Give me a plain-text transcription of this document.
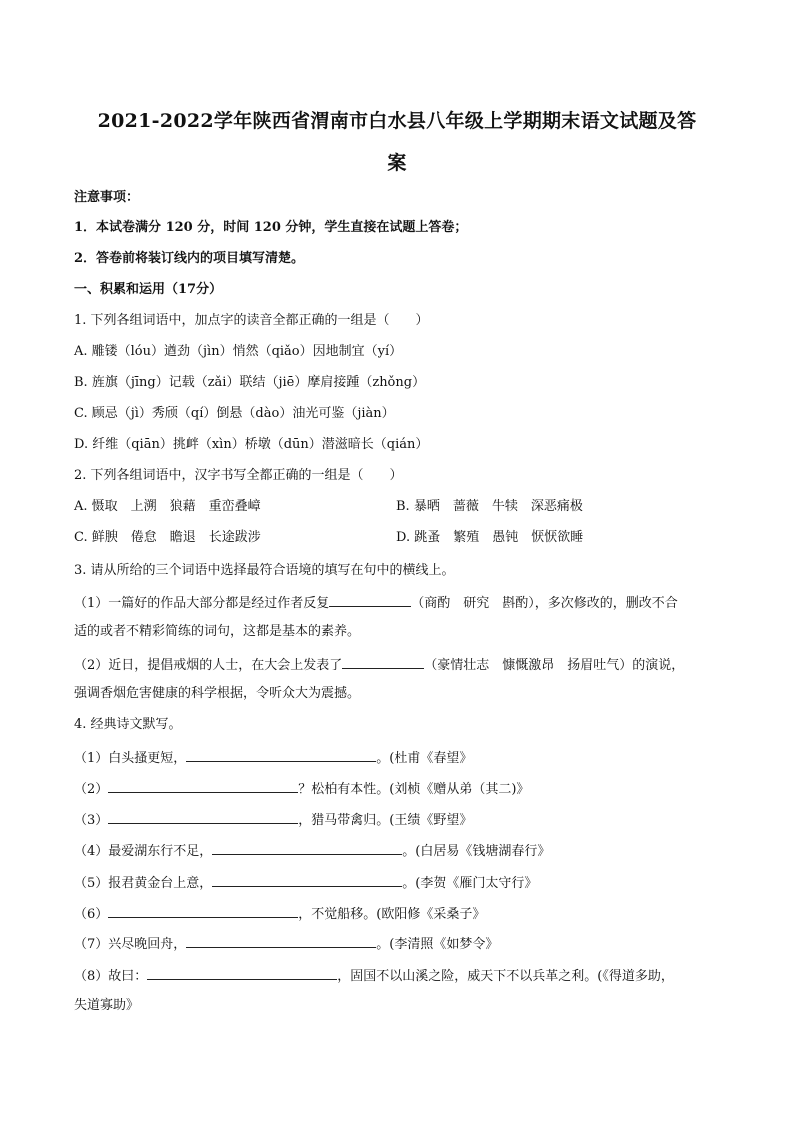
2021-2022学年陕西省渭南市白水县八年级上学期期末语文试题及答
案
注意事项：
1．本试卷满分 120 分，时间 120 分钟，学生直接在试题上答卷；
2．答卷前将装订线内的项目填写清楚。
一、积累和运用（17分）
1. 下列各组词语中，加点字的读音全都正确的一组是（　　）
A. 雕镂（lóu）遒劲（jìn）悄然（qiǎo）因地制宜（yí）
B. 旌旗（jīng）记载（zǎi）联结（jiē）摩肩接踵（zhǒng）
C. 顾忌（jì）秀颀（qí）倒悬（dào）油光可鉴（jiàn）
D. 纤维（qiān）挑衅（xìn）桥墩（dūn）潜滋暗长（qián）
2. 下列各组词语中，汉字书写全都正确的一组是（　　）
A. 慑取　上溯　狼藉　重峦叠嶂	B. 暴晒　蔷薇　牛犊　深恶痛极
C. 鲜腴　倦怠　瞻退　长途跋涉	D. 跳蚤　繁殖　愚钝　恹恹欲睡
3. 请从所给的三个词语中选择最符合语境的填写在句中的横线上。
（1）一篇好的作品大部分都是经过作者反复	（商酌　研究　斟酌），多次修改的，删改不合
适的或者不精彩简练的词句，这都是基本的素养。
（2）近日，提倡戒烟的人士，在大会上发表了	（豪情壮志　慷慨激昂　扬眉吐气）的演说，
强调香烟危害健康的科学根据，令听众大为震撼。
4. 经典诗文默写。
（1）白头搔更短，	。(杜甫《春望》
（2）	？松柏有本性。(刘桢《赠从弟（其二)》
（3）	，猎马带禽归。(王绩《野望》
（4）最爱湖东行不足，	。(白居易《钱塘湖春行》
（5）报君黄金台上意，	。(李贺《雁门太守行》
（6）	，不觉船移。(欧阳修《采桑子》
（7）兴尽晚回舟，	。(李清照《如梦令》
（8）故曰：	，固国不以山溪之险，威天下不以兵革之利。(《得道多助，
失道寡助》
